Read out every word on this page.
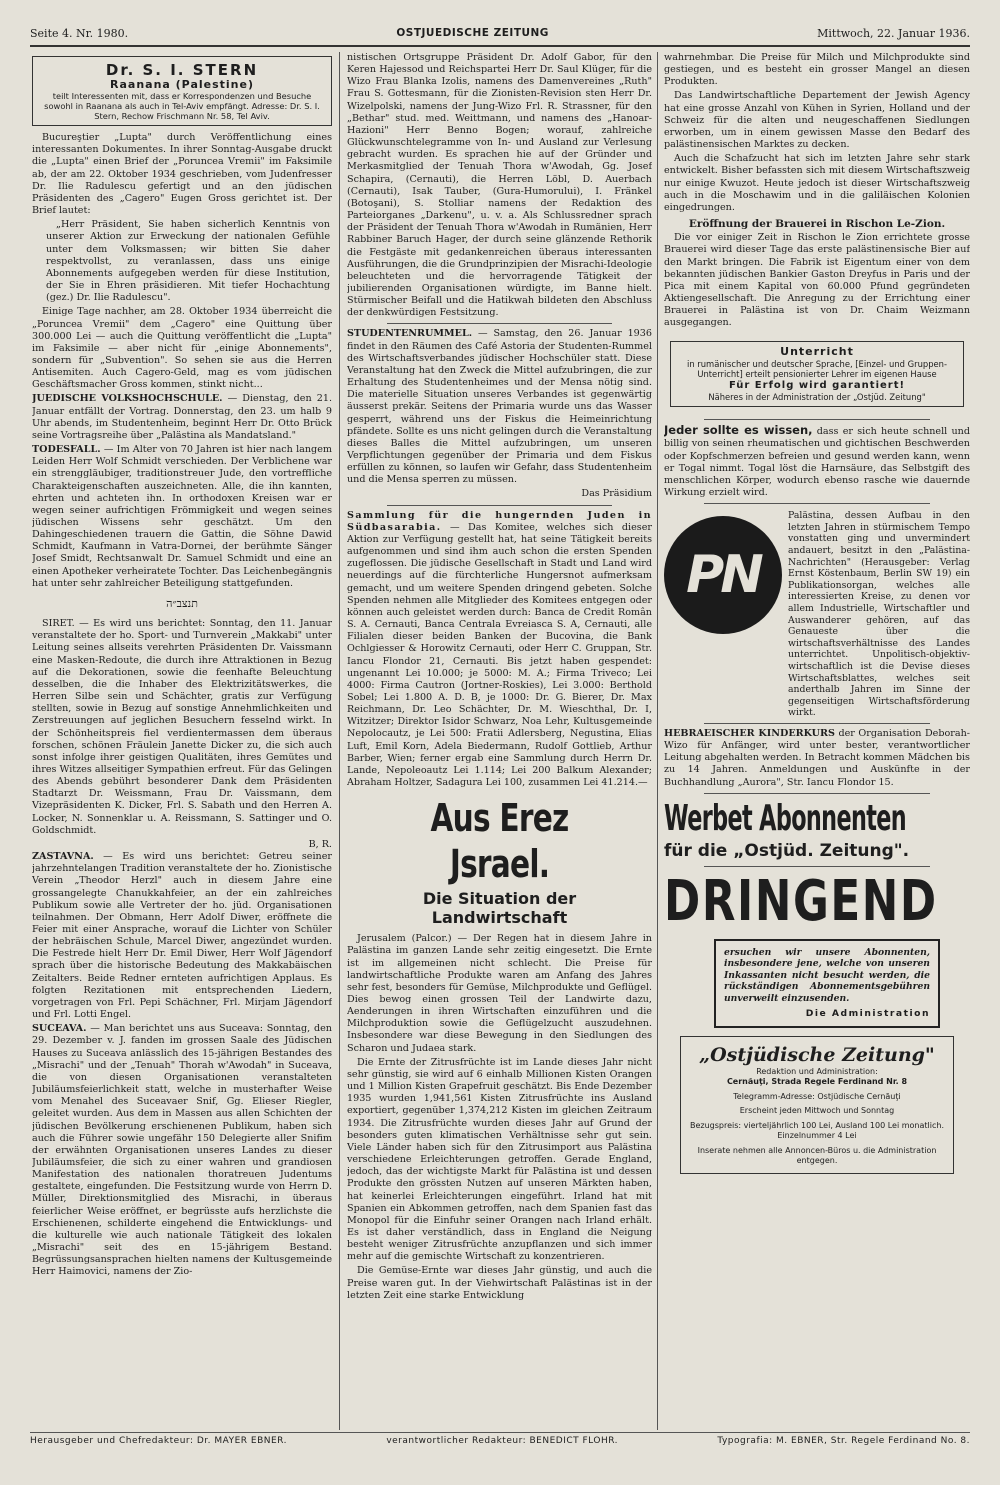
Seite 4. Nr. 1980.	OSTJUEDISCHE ZEITUNG	Mittwoch, 22. Januar 1936.
Dr. S. I. STERN
Raanana (Palestine)
teilt Interessenten mit, dass er Korrespondenzen und Besuche sowohl in Raanana als auch in Tel-Aviv empfängt. Adresse: Dr. S. I. Stern, Rechow Frischmann Nr. 58, Tel Aviv.

Bucureştier „Lupta" durch Veröffentlichung eines interessanten Dokumentes. In ihrer Sonntag-Ausgabe druckt die „Lupta" einen Brief der „Poruncea Vremii" im Faksimile ab, der am 22. Oktober 1934 geschrieben, vom Judenfresser Dr. Ilie Radulescu gefertigt und an den jüdischen Präsidenten des „Cagero" Eugen Gross gerichtet ist. Der Brief lautet:

„Herr Präsident, Sie haben sicherlich Kenntnis von unserer Aktion zur Erweckung der nationalen Gefühle unter dem Volksmassen; wir bitten Sie daher respektvollst, zu veranlassen, dass uns einige Abonnements aufgegeben werden für diese Institution, der Sie in Ehren präsidieren. Mit tiefer Hochachtung (gez.) Dr. Ilie Radulescu".

Einige Tage nachher, am 28. Oktober 1934 überreicht die „Poruncea Vremii" dem „Cagero" eine Quittung über 300.000 Lei — auch die Quittung veröffentlicht die „Lupta" im Faksimile — aber nicht für „einige Abonnements", sondern für „Subvention". So sehen sie aus die Herren Antisemiten. Auch Cagero-Geld, mag es vom jüdischen Geschäftsmacher Gross kommen, stinkt nicht...

JUEDISCHE VOLKSHOCHSCHULE. — Dienstag, den 21. Januar entfällt der Vortrag. Donnerstag, den 23. um halb 9 Uhr abends, im Studentenheim, beginnt Herr Dr. Otto Brück seine Vortragsreihe über „Palästina als Mandatsland."

TODESFALL. — Im Alter von 70 Jahren ist hier nach langem Leiden Herr Wolf Schmidt verschieden. Der Verblichene war ein strenggläubiger, traditionstreuer Jude, den vortreffliche Charakteigenschaften auszeichneten. Alle, die ihn kannten, ehrten und achteten ihn. In orthodoxen Kreisen war er wegen seiner aufrichtigen Frömmigkeit und wegen seines jüdischen Wissens sehr geschätzt. Um den Dahingeschiedenen trauern die Gattin, die Söhne Dawid Schmidt, Kaufmann in Vatra-Dornei, der berühmte Sänger Josef Smidt, Rechtsanwalt Dr. Samuel Schmidt und eine an einen Apotheker verheiratete Tochter. Das Leichenbegängnis hat unter sehr zahlreicher Beteiligung stattgefunden.

תנצב״ה

SIRET. — Es wird uns berichtet: Sonntag, den 11. Januar veranstaltete der ho. Sport- und Turnverein „Makkabi" unter Leitung seines allseits verehrten Präsidenten Dr. Vaissmann eine Masken-Redoute, die durch ihre Attraktionen in Bezug auf die Dekorationen, sowie die feenhafte Beleuchtung desselben, die die Inhaber des Elektrizitätswerkes, die Herren Silbe sein und Schächter, gratis zur Verfügung stellten, sowie in Bezug auf sonstige Annehmlichkeiten und Zerstreuungen auf jeglichen Besuchern fesselnd wirkt. In der Schönheitspreis fiel verdientermassen dem überaus forschen, schönen Fräulein Janette Dicker zu, die sich auch sonst infolge ihrer geistigen Qualitäten, ihres Gemütes und ihres Witzes allseitiger Sympathien erfreut. Für das Gelingen des Abends gebührt besonderer Dank dem Präsidenten Stadtarzt Dr. Weissmann, Frau Dr. Vaissmann, dem Vizepräsidenten K. Dicker, Frl. S. Sabath und den Herren A. Locker, N. Sonnenklar u. A. Reissmann, S. Sattinger und O. Goldschmidt.

B, R.

ZASTAVNA. — Es wird uns berichtet: Getreu seiner jahrzehntelangen Tradition veranstaltete der ho. Zionistische Verein „Theodor Herzl" auch in diesem Jahre eine grossangelegte Chanukkahfeier, an der ein zahlreiches Publikum sowie alle Vertreter der ho. jüd. Organisationen teilnahmen. Der Obmann, Herr Adolf Diwer, eröffnete die Feier mit einer Ansprache, worauf die Lichter von Schüler der hebräischen Schule, Marcel Diwer, angezündet wurden. Die Festrede hielt Herr Dr. Emil Diwer, Herr Wolf Jägendorf sprach über die historische Bedeutung des Makkabäischen Zeitalters. Beide Redner ernteten aufrichtigen Applaus. Es folgten Rezitationen mit entsprechenden Liedern, vorgetragen von Frl. Pepi Schächner, Frl. Mirjam Jägendorf und Frl. Lotti Engel.

SUCEAVA. — Man berichtet uns aus Suceava: Sonntag, den 29. Dezember v. J. fanden im grossen Saale des Jüdischen Hauses zu Suceava anlässlich des 15-jährigen Bestandes des „Misrachi" und der „Tenuah" Thorah w'Awodah" in Suceava, die von diesen Organisationen veranstalteten Jubiläumsfeierlichkeit statt, welche in musterhafter Weise vom Menahel des Suceavaer Snif, Gg. Elieser Riegler, geleitet wurden. Aus dem in Massen aus allen Schichten der jüdischen Bevölkerung erschienenen Publikum, haben sich auch die Führer sowie ungefähr 150 Delegierte aller Snifim der erwähnten Organisationen unseres Landes zu dieser Jubiläumsfeier, die sich zu einer wahren und grandiosen Manifestation des nationalen thoratreuen Judentums gestaltete, eingefunden. Die Festsitzung wurde von Herrn D. Müller, Direktionsmitglied des Misrachi, in überaus feierlicher Weise eröffnet, er begrüsste aufs herzlichste die Erschienenen, schilderte eingehend die Entwicklungs- und die kulturelle wie auch nationale Tätigkeit des lokalen „Misrachi" seit des en 15-jährigem Bestand. Begrüssungsansprachen hielten namens der Kultusgemeinde Herr Haimovici, namens der Zio-

nistischen Ortsgruppe Präsident Dr. Adolf Gabor, für den Keren Hajessod und Reichspartei Herr Dr. Saul Klüger, für die Wizo Frau Blanka Izolis, namens des Damenvereines „Ruth" Frau S. Gottesmann, für die Zionisten-Revision sten Herr Dr. Wizelpolski, namens der Jung-Wizo Frl. R. Strassner, für den „Bethar" stud. med. Weittmann, und namens des „Hanoar-Hazioni" Herr Benno Bogen; worauf, zahlreiche Glückwunschtelegramme von In- und Ausland zur Verlesung gebracht wurden. Es sprachen hie auf der Gründer und Merkasmitglied der Tenuah Thora w'Awodah, Gg. Josef Schapira, (Cernauti), die Herren Löbl, D. Auerbach (Cernauti), Isak Tauber, (Gura-Humorului), I. Fränkel (Botoşani), S. Stolliar namens der Redaktion des Parteiorganes „Darkenu", u. v. a. Als Schlussredner sprach der Präsident der Tenuah Thora w'Awodah in Rumänien, Herr Rabbiner Baruch Hager, der durch seine glänzende Rethorik die Festgäste mit gedankenreichen überaus interessanten Ausführungen, die die Grundprinzipien der Misrachi-Ideologie beleuchteten und die hervorragende Tätigkeit der jubilierenden Organisationen würdigte, im Banne hielt. Stürmischer Beifall und die Hatikwah bildeten den Abschluss der denkwürdigen Festsitzung.

STUDENTENRUMMEL. — Samstag, den 26. Januar 1936 findet in den Räumen des Café Astoria der Studenten-Rummel des Wirtschaftsverbandes jüdischer Hochschüler statt. Diese Veranstaltung hat den Zweck die Mittel aufzubringen, die zur Erhaltung des Studentenheimes und der Mensa nötig sind. Die materielle Situation unseres Verbandes ist gegenwärtig äusserst prekär. Seitens der Primaria wurde uns das Wasser gesperrt, während uns der Fiskus die Heimeinrichtung pfändete. Sollte es uns nicht gelingen durch die Veranstaltung dieses Balles die Mittel aufzubringen, um unseren Verpflichtungen gegenüber der Primaria und dem Fiskus erfüllen zu können, so laufen wir Gefahr, dass Studentenheim und die Mensa sperren zu müssen.

Das Präsidium

Sammlung für die hungernden Juden in Südbasarabia. — Das Komitee, welches sich dieser Aktion zur Verfügung gestellt hat, hat seine Tätigkeit bereits aufgenommen und sind ihm auch schon die ersten Spenden zugeflossen. Die jüdische Gesellschaft in Stadt und Land wird neuerdings auf die fürchterliche Hungersnot aufmerksam gemacht, und um weitere Spenden dringend gebeten. Solche Spenden nehmen alle Mitglieder des Komitees entgegen oder können auch geleistet werden durch: Banca de Credit Român S. A. Cernauti, Banca Centrala Evreiasca S. A, Cernauti, alle Filialen dieser beiden Banken der Bucovina, die Bank Ochlgiesser & Horowitz Cernauti, oder Herr C. Gruppan, Str. Iancu Flondor 21, Cernauti. Bis jetzt haben gespendet: ungenannt Lei 10.000; je 5000: M. A.; Firma Triveco; Lei 4000: Firma Cautron (Jortner-Roskies), Lei 3.000: Berthold Sobel; Lei 1.800 A. D. B, je 1000: Dr. G. Bierer, Dr. Max Reichmann, Dr. Leo Schächter, Dr. M. Wieschthal, Dr. I, Witzitzer; Direktor Isidor Schwarz, Noa Lehr, Kultusgemeinde Nepolocautz, je Lei 500: Fratii Adlersberg, Negustina, Elias Luft, Emil Korn, Adela Biedermann, Rudolf Gottlieb, Arthur Barber, Wien; ferner ergab eine Sammlung durch Herrn Dr. Lande, Nepoleoautz Lei 1.114; Lei 200 Balkum Alexander; Abraham Holtzer, Sadagura Lei 100, zusammen Lei 41.214.—

Aus Erez Jsrael.
Die Situation der
Landwirtschaft

Jerusalem (Palcor.) — Der Regen hat in diesem Jahre in Palästina im ganzen Lande sehr zeitig eingesetzt. Die Ernte ist im allgemeinen nicht schlecht. Die Preise für landwirtschaftliche Produkte waren am Anfang des Jahres sehr fest, besonders für Gemüse, Milchprodukte und Geflügel. Dies bewog einen grossen Teil der Landwirte dazu, Aenderungen in ihren Wirtschaften einzuführen und die Milchproduktion sowie die Geflügelzucht auszudehnen. Insbesondere war diese Bewegung in den Siedlungen des Scharon und Judaea stark.

Die Ernte der Zitrusfrüchte ist im Lande dieses Jahr nicht sehr günstig, sie wird auf 6 einhalb Millionen Kisten Orangen und 1 Million Kisten Grapefruit geschätzt. Bis Ende Dezember 1935 wurden 1,941,561 Kisten Zitrusfrüchte ins Ausland exportiert, gegenüber 1,374,212 Kisten im gleichen Zeitraum 1934. Die Zitrusfrüchte wurden dieses Jahr auf Grund der besonders guten klimatischen Verhältnisse sehr gut sein. Viele Länder haben sich für den Zitrusimport aus Palästina verschiedene Erleichterungen getroffen. Gerade England, jedoch, das der wichtigste Markt für Palästina ist und dessen Produkte den grössten Nutzen auf unseren Märkten haben, hat keinerlei Erleichterungen eingeführt. Irland hat mit Spanien ein Abkommen getroffen, nach dem Spanien fast das Monopol für die Einfuhr seiner Orangen nach Irland erhält. Es ist daher verständlich, dass in England die Neigung besteht weniger Zitrusfrüchte anzupflanzen und sich immer mehr auf die gemischte Wirtschaft zu konzentrieren.

Die Gemüse-Ernte war dieses Jahr günstig, und auch die Preise waren gut. In der Viehwirtschaft Palästinas ist in der letzten Zeit eine starke Entwicklung

wahrnehmbar. Die Preise für Milch und Milchprodukte sind gestiegen, und es besteht ein grosser Mangel an diesen Produkten.

Das Landwirtschaftliche Departement der Jewish Agency hat eine grosse Anzahl von Kühen in Syrien, Holland und der Schweiz für die alten und neugeschaffenen Siedlungen erworben, um in einem gewissen Masse den Bedarf des palästinensischen Marktes zu decken.

Auch die Schafzucht hat sich im letzten Jahre sehr stark entwickelt. Bisher befassten sich mit diesem Wirtschaftszweig nur einige Kwuzot. Heute jedoch ist dieser Wirtschaftszweig auch in die Moschawim und in die galiläischen Kolonien eingedrungen.

Eröffnung der Brauerei in Rischon Le-Zion.

Die vor einiger Zeit in Rischon le Zion errichtete grosse Brauerei wird dieser Tage das erste palästinensische Bier auf den Markt bringen. Die Fabrik ist Eigentum einer von dem bekannten jüdischen Bankier Gaston Dreyfus in Paris und der Pica mit einem Kapital von 60.000 Pfund gegründeten Aktiengesellschaft. Die Anregung zu der Errichtung einer Brauerei in Palästina ist von Dr. Chaim Weizmann ausgegangen.

Unterricht
in rumänischer und deutscher Sprache, [Einzel- und Gruppen-Unterricht] erteilt pensionierter Lehrer im eigenen Hause
Für Erfolg wird garantiert!
Näheres in der Administration der „Ostjüd. Zeitung"

Jeder sollte es wissen, dass er sich heute schnell und billig von seinen rheumatischen und gichtischen Beschwerden oder Kopfschmerzen befreien und gesund werden kann, wenn er Togal nimmt. Togal löst die Harnsäure, das Selbstgift des menschlichen Körper, wodurch ebenso rasche wie dauernde Wirkung erzielt wird.

PN
Palästina, dessen Aufbau in den letzten Jahren in stürmischem Tempo vonstatten ging und unvermindert andauert, besitzt in den „Palästina-Nachrichten" (Herausgeber: Verlag Ernst Köstenbaum, Berlin SW 19) ein Publikationsorgan, welches alle interessierten Kreise, zu denen vor allem Industrielle, Wirtschaftler und Auswanderer gehören, auf das Genaueste über die wirtschaftsverhältnisse des Landes unterrichtet. Unpolitisch-objektiv-wirtschaftlich ist die Devise dieses Wirtschaftsblattes, welches seit anderthalb Jahren im Sinne der gegenseitigen Wirtschaftsförderung wirkt.

HEBRAEISCHER KINDERKURS der Organisation Deborah-Wizo für Anfänger, wird unter bester, verantwortlicher Leitung abgehalten werden. In Betracht kommen Mädchen bis zu 14 Jahren. Anmeldungen und Auskünfte in der Buchhandlung „Aurora", Str. Iancu Flondor 15.

Werbet Abonnenten
für die „Ostjüd. Zeitung".
DRINGEND
ersuchen wir unsere Abonnenten, insbesondere jene, welche von unseren Inkassanten nicht besucht werden, die rückständigen Abonnementsgebühren unverweilt einzusenden.
Die Administration
„Ostjüdische Zeitung"
Redaktion und Administration:
Cernăuţi, Strada Regele Ferdinand Nr. 8
Telegramm-Adresse: Ostjüdische Cernăuţi
Erscheint jeden Mittwoch und Sonntag
Bezugspreis: vierteljährlich 100 Lei, Ausland 100 Lei monatlich. Einzelnummer 4 Lei
Inserate nehmen alle Annoncen-Büros u. die Administration entgegen.
Herausgeber und Chefredakteur: Dr. MAYER EBNER.	verantwortlicher Redakteur: BENEDICT FLOHR.	Typografia: M. EBNER, Str. Regele Ferdinand No. 8.
